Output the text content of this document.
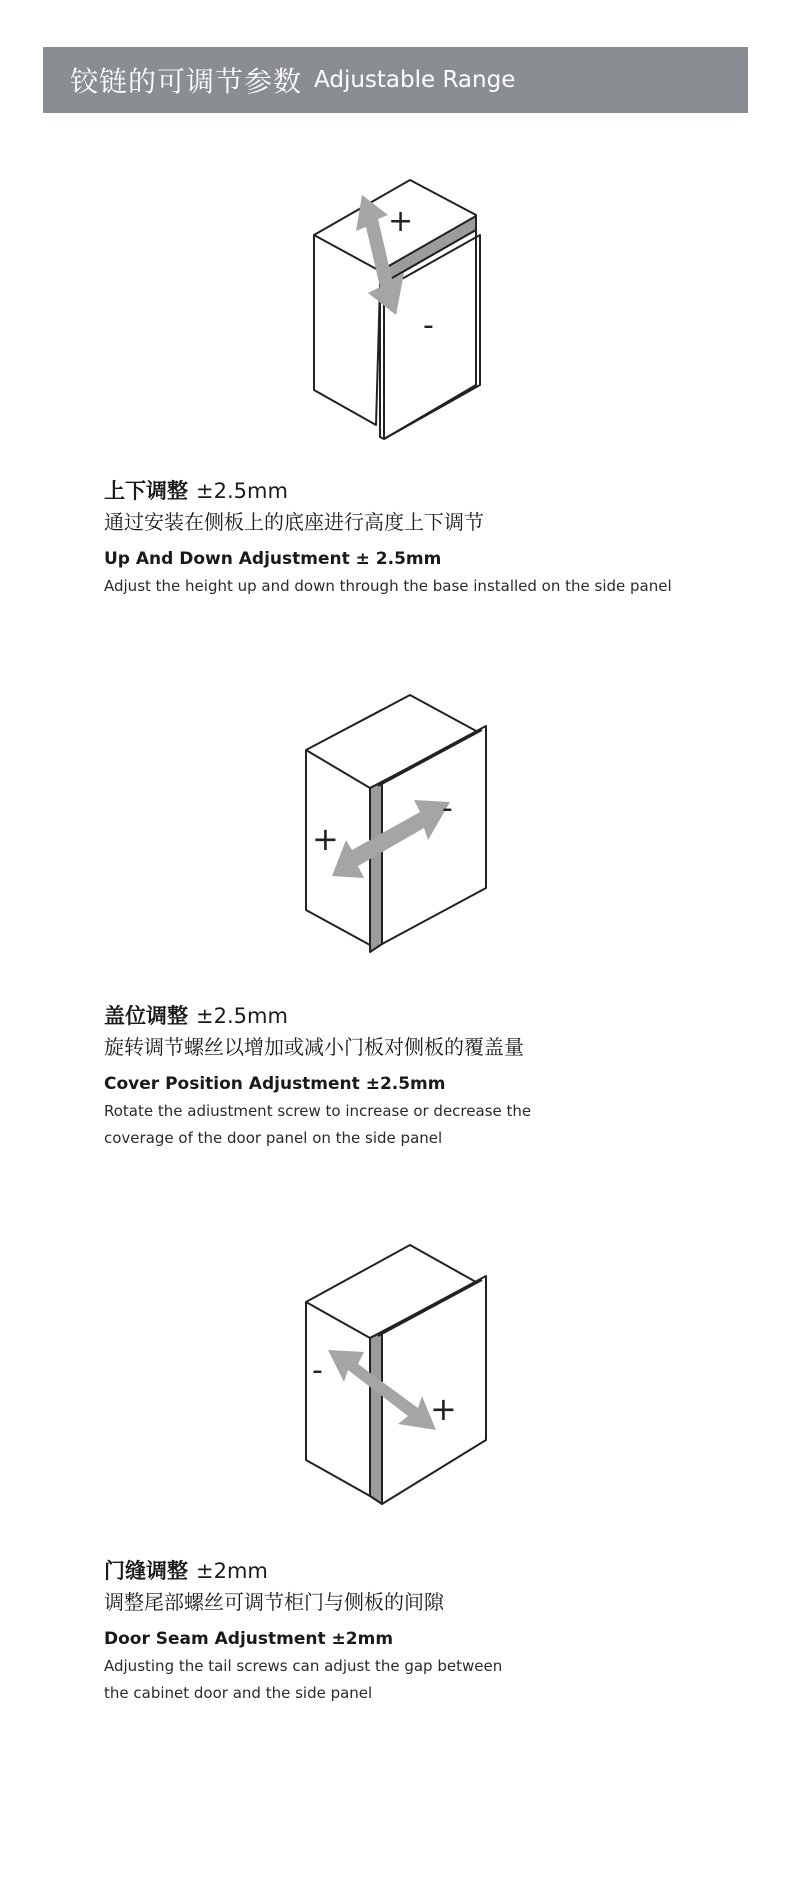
铰链的可调节参数 Adjustable Range
+
-
上下调整 ±2.5mm
通过安装在侧板上的底座进行高度上下调节
Up And Down Adjustment ± 2.5mm
Adjust the height up and down through the base installed on the side panel
+
-
盖位调整 ±2.5mm
旋转调节螺丝以增加或减小门板对侧板的覆盖量
Cover Position Adjustment ±2.5mm
Rotate the adiustment screw to increase or decrease the
coverage of the door panel on the side panel
-
+
门缝调整 ±2mm
调整尾部螺丝可调节柜门与侧板的间隙
Door Seam Adjustment ±2mm
Adjusting the tail screws can adjust the gap between
the cabinet door and the side panel
